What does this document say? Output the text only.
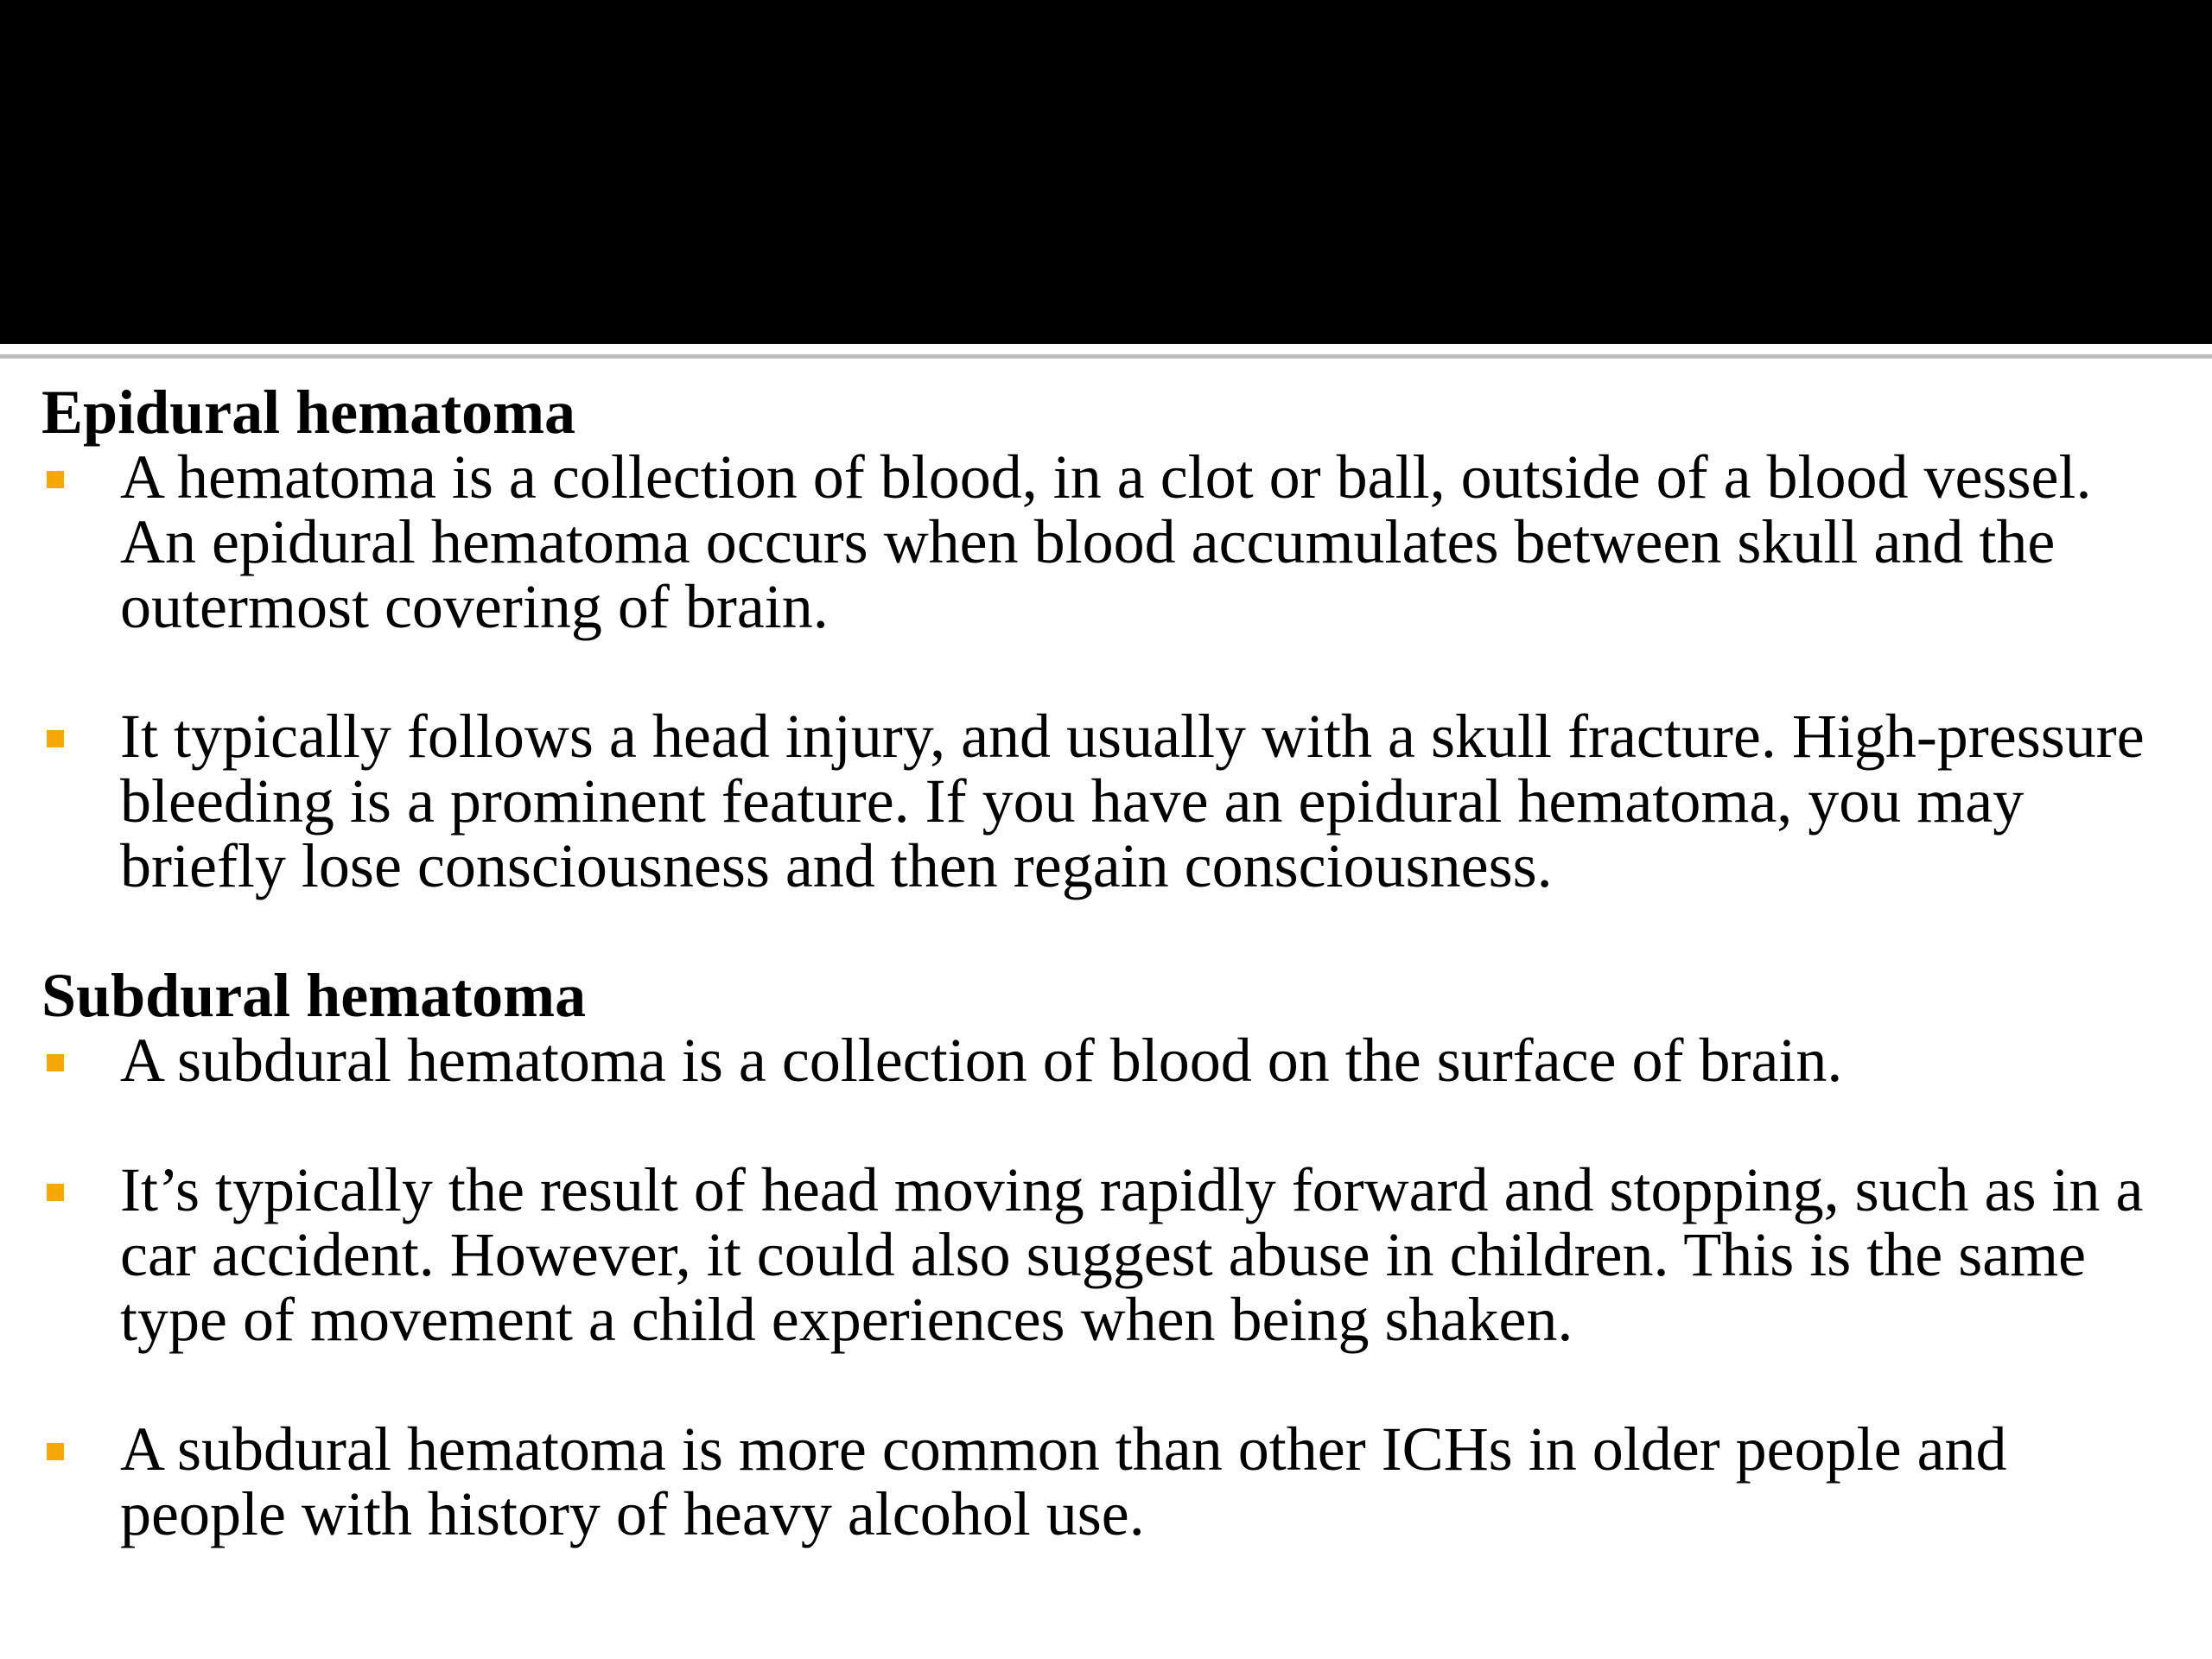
Epidural hematoma

A hematoma is a collection of blood, in a clot or ball, outside of a blood vessel. An epidural hematoma occurs when blood accumulates between skull and the outermost covering of brain.
It typically follows a head injury, and usually with a skull fracture. High-pressure bleeding is a prominent feature. If you have an epidural hematoma, you may briefly lose consciousness and then regain consciousness.

Subdural hematoma

A subdural hematoma is a collection of blood on the surface of brain.
It’s typically the result of head moving rapidly forward and stopping, such as in a car accident. However, it could also suggest abuse in children. This is the same type of movement a child experiences when being shaken.
A subdural hematoma is more common than other ICHs in older people and people with history of heavy alcohol use.
